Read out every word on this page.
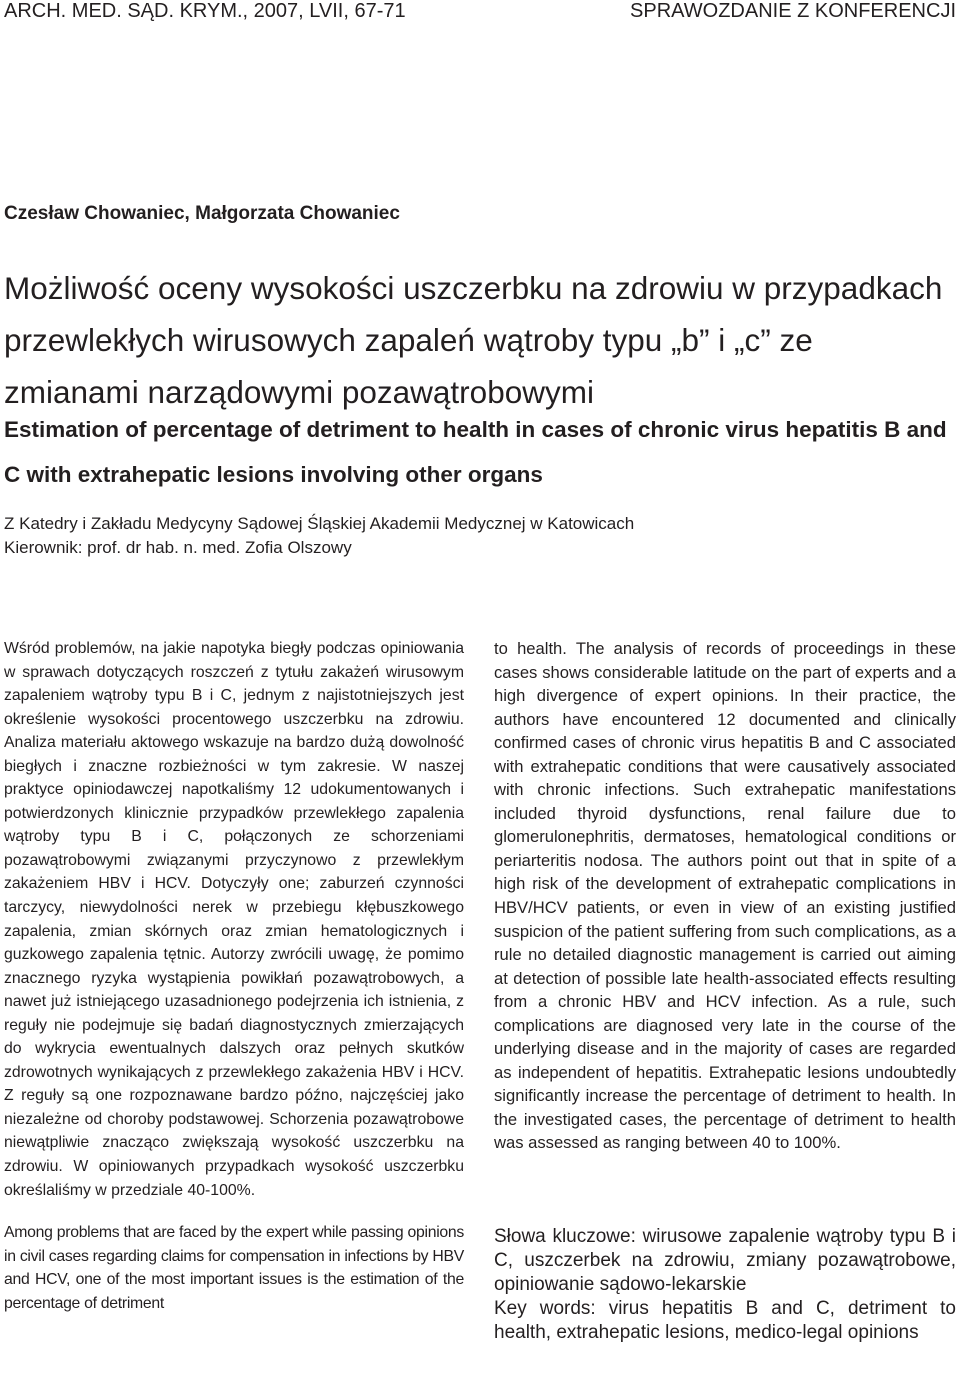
ARCH. MED. SĄD. KRYM., 2007, LVII, 67-71	SPRAWOZDANIE Z KONFERENCJI
Czesław Chowaniec, Małgorzata Chowaniec
Możliwość oceny wysokości uszczerbku na zdrowiu w przypadkach przewlekłych wirusowych zapaleń wątroby typu „b” i „c” ze zmianami narządowymi pozawątrobowymi
Estimation of percentage of detriment to health in cases of chronic virus hepatitis B and C with extrahepatic lesions involving other organs
Z Katedry i Zakładu Medycyny Sądowej Śląskiej Akademii Medycznej w Katowicach
Kierownik: prof. dr hab. n. med. Zofia Olszowy

Wśród problemów, na jakie napotyka biegły podczas opiniowania w sprawach dotyczących roszczeń z tytułu zakażeń wirusowym zapaleniem wątroby typu B i C, jednym z najistotniejszych jest określenie wysokości procentowego uszczerbku na zdrowiu. Analiza materiału aktowego wskazuje na bardzo dużą dowolność biegłych i znaczne rozbieżności w tym zakresie. W naszej praktyce opiniodawczej napotkaliśmy 12 udokumentowanych i potwierdzonych klinicznie przypadków przewlekłego zapalenia wątroby typu B i C, połączonych ze schorzeniami pozawątrobowymi związanymi przyczynowo z przewlekłym zakażeniem HBV i HCV. Dotyczyły one; zaburzeń czynności tarczycy, niewydolności nerek w przebiegu kłębuszkowego zapalenia, zmian skórnych oraz zmian hematologicznych i guzkowego zapalenia tętnic. Autorzy zwrócili uwagę, że pomimo znacznego ryzyka wystąpienia powikłań pozawątrobowych, a nawet już istniejącego uzasadnionego podejrzenia ich istnienia, z reguły nie podejmuje się badań diagnostycznych zmierzających do wykrycia ewentualnych dalszych oraz pełnych skutków zdrowotnych wynikających z przewlekłego zakażenia HBV i HCV. Z reguły są one rozpoznawane bardzo późno, najczęściej jako niezależne od choroby podstawowej. Schorzenia pozawątrobowe niewątpliwie znacząco zwiększają wysokość uszczerbku na zdrowiu. W opiniowanych przypadkach wysokość uszczerbku określaliśmy w przedziale 40-100%.

Among problems that are faced by the expert while passing opinions in civil cases regarding claims for compensation in infections by HBV and HCV, one of the most important issues is the estimation of the percentage of detriment

to health. The analysis of records of proceedings in these cases shows considerable latitude on the part of experts and a high divergence of expert opinions. In their practice, the authors have encountered 12 documented and clinically confirmed cases of chronic virus hepatitis B and C associated with extrahepatic conditions that were causatively associated with chronic infections. Such extrahepatic manifestations included thyroid dysfunctions, renal failure due to glomerulonephritis, dermatoses, hematological conditions or periarteritis nodosa. The authors point out that in spite of a high risk of the development of extrahepatic complications in HBV/HCV patients, or even in view of an existing justified suspicion of the patient suffering from such complications, as a rule no detailed diagnostic management is carried out aiming at detection of possible late health-associated effects resulting from a chronic HBV and HCV infection. As a rule, such complications are diagnosed very late in the course of the underlying disease and in the majority of cases are regarded as independent of hepatitis. Extrahepatic lesions undoubtedly significantly increase the percentage of detriment to health. In the investigated cases, the percentage of detriment to health was assessed as ranging between 40 to 100%.

Słowa kluczowe: wirusowe zapalenie wątroby typu B i C, uszczerbek na zdrowiu, zmiany pozawątrobowe, opiniowanie sądowo-lekarskie

Key words: virus hepatitis B and C, detriment to health, extrahepatic lesions, medico-legal opinions
